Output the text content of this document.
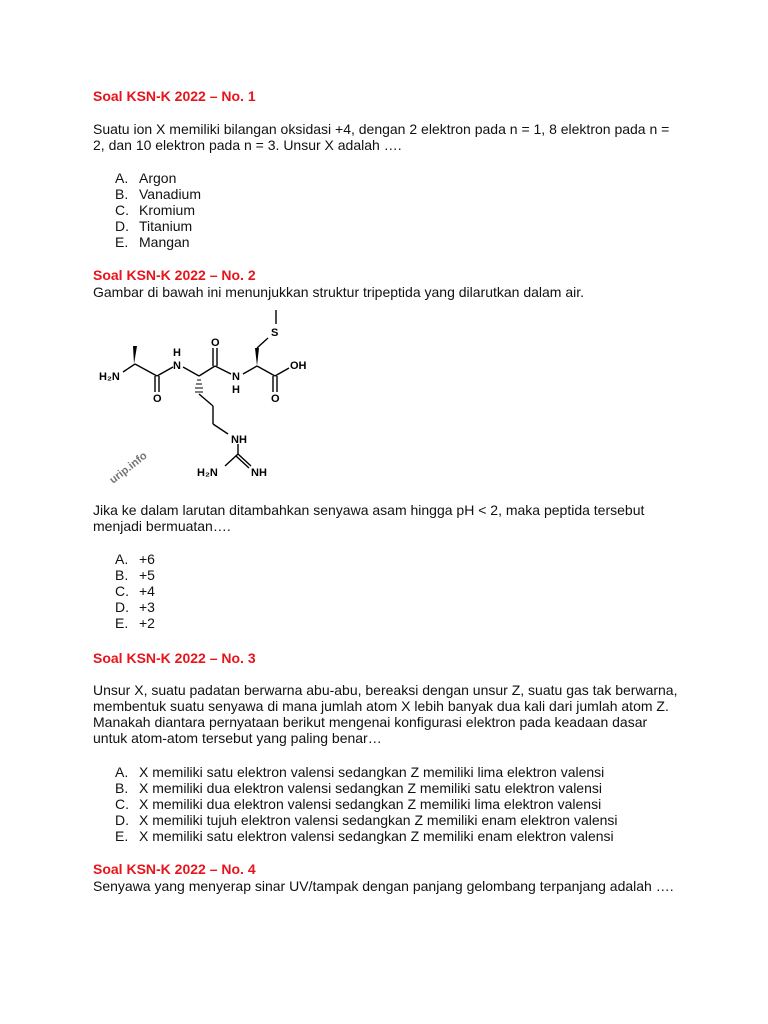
Soal KSN-K 2022 – No. 1
Suatu ion X memiliki bilangan oksidasi +4, dengan 2 elektron pada n = 1, 8 elektron pada n = 2, dan 10 elektron pada n = 3. Unsur X adalah ….
A. Argon
B. Vanadium
C. Kromium
D. Titanium
E. Mangan
Soal KSN-K 2022 – No. 2
Gambar di bawah ini menunjukkan struktur tripeptida yang dilarutkan dalam air.
urip.info
H₂N
H
N
O
O
N
H
S
OH
O
NH
H₂N	NH
Jika ke dalam larutan ditambahkan senyawa asam hingga pH < 2, maka peptida tersebut menjadi bermuatan….
A. +6
B. +5
C. +4
D. +3
E. +2
Soal KSN-K 2022 – No. 3
Unsur X, suatu padatan berwarna abu-abu, bereaksi dengan unsur Z, suatu gas tak berwarna, membentuk suatu senyawa di mana jumlah atom X lebih banyak dua kali dari jumlah atom Z. Manakah diantara pernyataan berikut mengenai konfigurasi elektron pada keadaan dasar untuk atom-atom tersebut yang paling benar…
A. X memiliki satu elektron valensi sedangkan Z memiliki lima elektron valensi
B. X memiliki dua elektron valensi sedangkan Z memiliki satu elektron valensi
C. X memiliki dua elektron valensi sedangkan Z memiliki lima elektron valensi
D. X memiliki tujuh elektron valensi sedangkan Z memiliki enam elektron valensi
E. X memiliki satu elektron valensi sedangkan Z memiliki enam elektron valensi
Soal KSN-K 2022 – No. 4
Senyawa yang menyerap sinar UV/tampak dengan panjang gelombang terpanjang adalah ….
